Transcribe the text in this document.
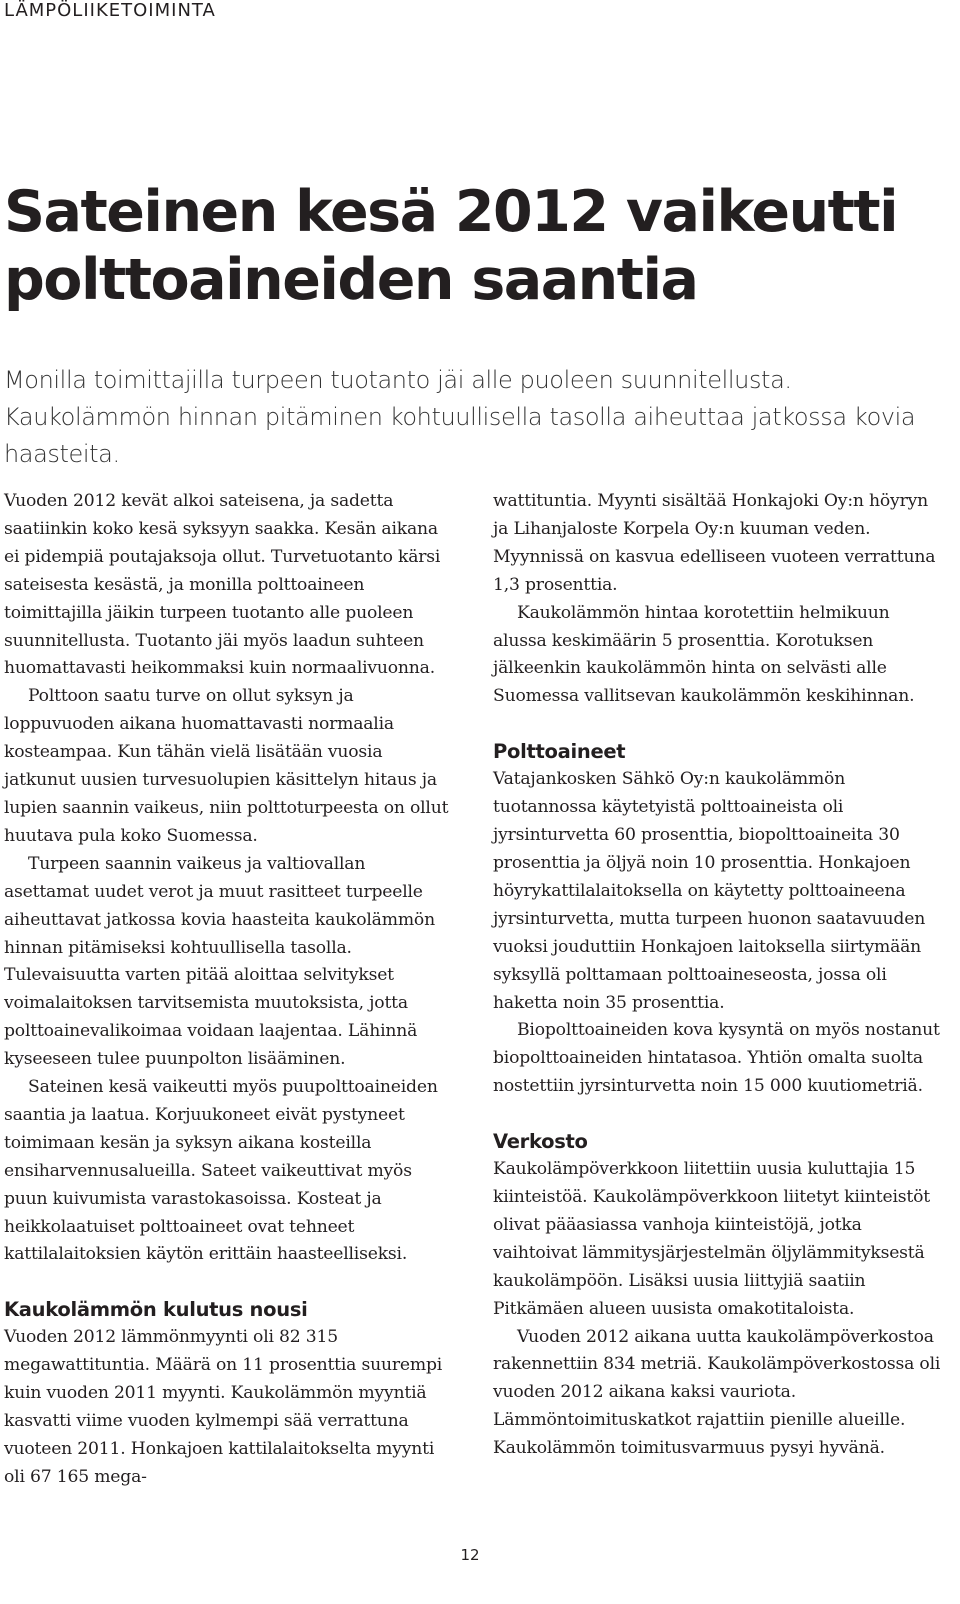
LÄMPÖLIIKETOIMINTA
Sateinen kesä 2012 vaikeutti polttoaineiden saantia

Monilla toimittajilla turpeen tuotanto jäi alle puoleen suunnitellusta. Kaukolämmön hinnan pitäminen kohtuullisella tasolla aiheuttaa jatkossa kovia haasteita.

Vuoden 2012 kevät alkoi sateisena, ja sadetta saatiinkin koko kesä syksyyn saakka. Kesän aikana ei pidempiä poutajaksoja ollut. Turvetuotanto kärsi sateisesta kesästä, ja monilla polttoaineen toimittajilla jäikin turpeen tuotanto alle puoleen suunnitellusta. Tuotanto jäi myös laadun suhteen huomattavasti heikommaksi kuin normaalivuonna.

Polttoon saatu turve on ollut syksyn ja loppuvuoden aikana huomattavasti normaalia kosteampaa. Kun tähän vielä lisätään vuosia jatkunut uusien turvesuolupien käsittelyn hitaus ja lupien saannin vaikeus, niin polttoturpeesta on ollut huutava pula koko Suomessa.

Turpeen saannin vaikeus ja valtiovallan asettamat uudet verot ja muut rasitteet turpeelle aiheuttavat jatkossa kovia haasteita kaukolämmön hinnan pitämiseksi kohtuullisella tasolla. Tulevaisuutta varten pitää aloittaa selvitykset voimalaitoksen tarvitsemista muutoksista, jotta polttoainevalikoimaa voidaan laajentaa. Lähinnä kyseeseen tulee puunpolton lisääminen.

Sateinen kesä vaikeutti myös puupolttoaineiden saantia ja laatua. Korjuukoneet eivät pystyneet toimimaan kesän ja syksyn aikana kosteilla ensiharvennusalueilla. Sateet vaikeuttivat myös puun kuivumista varastokasoissa. Kosteat ja heikkolaatuiset polttoaineet ovat tehneet kattilalaitoksien käytön erittäin haasteelliseksi.

Kaukolämmön kulutus nousi

Vuoden 2012 lämmönmyynti oli 82 315 megawattituntia. Määrä on 11 prosenttia suurempi kuin vuoden 2011 myynti. Kaukolämmön myyntiä kasvatti viime vuoden kylmempi sää verrattuna vuoteen 2011. Honkajoen kattilalaitokselta myynti oli 67 165 mega-

wattituntia. Myynti sisältää Honkajoki Oy:n höyryn ja Lihanjaloste Korpela Oy:n kuuman veden. Myynnissä on kasvua edelliseen vuoteen verrattuna 1,3 prosenttia.

Kaukolämmön hintaa korotettiin helmikuun alussa keskimäärin 5 prosenttia. Korotuksen jälkeenkin kaukolämmön hinta on selvästi alle Suomessa vallitsevan kaukolämmön keskihinnan.

Polttoaineet

Vatajankosken Sähkö Oy:n kaukolämmön tuotannossa käytetyistä polttoaineista oli jyrsinturvetta 60 prosenttia, biopolttoaineita 30 prosenttia ja öljyä noin 10 prosenttia. Honkajoen höyrykattilalaitoksella on käytetty polttoaineena jyrsinturvetta, mutta turpeen huonon saatavuuden vuoksi jouduttiin Honkajoen laitoksella siirtymään syksyllä polttamaan polttoaineseosta, jossa oli haketta noin 35 prosenttia.

Biopolttoaineiden kova kysyntä on myös nostanut biopolttoaineiden hintatasoa. Yhtiön omalta suolta nostettiin jyrsinturvetta noin 15 000 kuutiometriä.

Verkosto

Kaukolämpöverkkoon liitettiin uusia kuluttajia 15 kiinteistöä. Kaukolämpöverkkoon liitetyt kiinteistöt olivat pääasiassa vanhoja kiinteistöjä, jotka vaihtoivat lämmitysjärjestelmän öljylämmityksestä kaukolämpöön. Lisäksi uusia liittyjiä saatiin Pitkämäen alueen uusista omakotitaloista.

Vuoden 2012 aikana uutta kaukolämpöverkostoa rakennettiin 834 metriä. Kaukolämpöverkostossa oli vuoden 2012 aikana kaksi vauriota. Lämmöntoimituskatkot rajattiin pienille alueille. Kaukolämmön toimitusvarmuus pysyi hyvänä.

12
